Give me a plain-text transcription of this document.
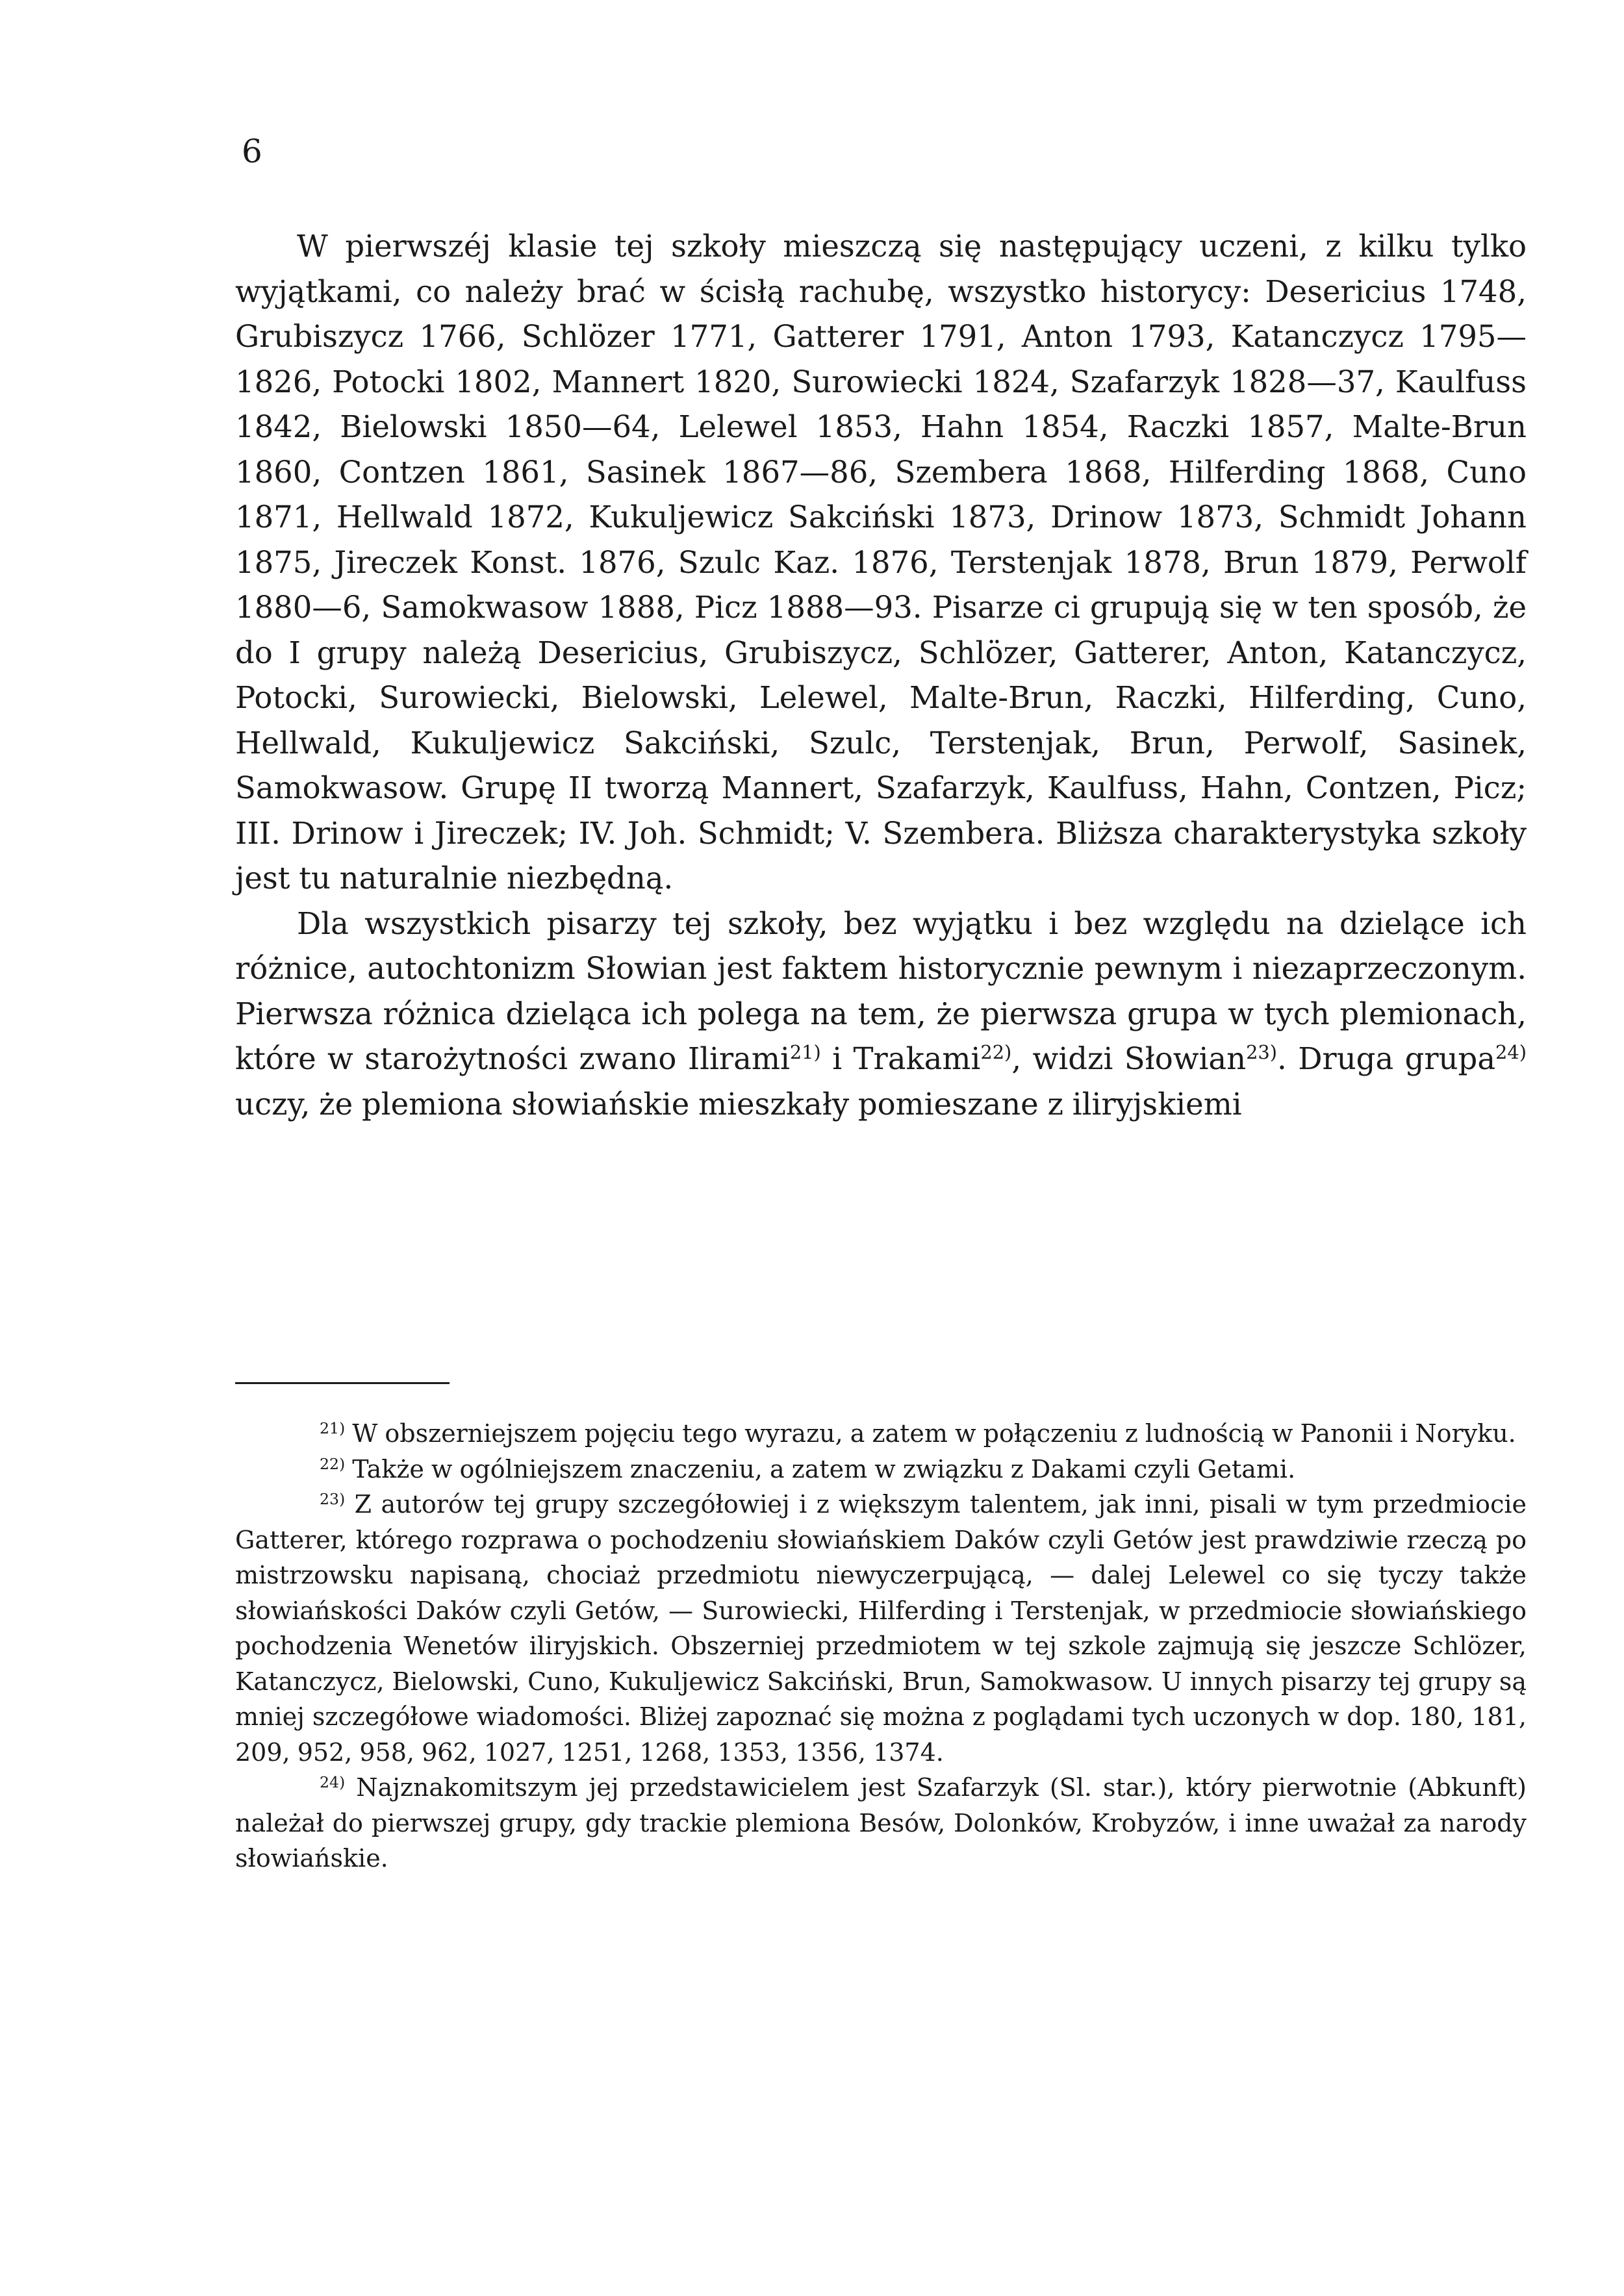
6

W pierwszéj klasie tej szkoły mieszczą się następujący uczeni, z kilku tylko wyjątkami, co należy brać w ścisłą rachubę, wszystko historycy: Desericius 1748, Grubiszycz 1766, Schlözer 1771, Gatterer 1791, Anton 1793, Katanczycz 1795—1826, Potocki 1802, Mannert 1820, Surowiecki 1824, Szafarzyk 1828—37, Kaulfuss 1842, Bielowski 1850—64, Lelewel 1853, Hahn 1854, Raczki 1857, Malte-Brun 1860, Contzen 1861, Sasinek 1867—86, Szembera 1868, Hilferding 1868, Cuno 1871, Hellwald 1872, Kukuljewicz Sakciński 1873, Drinow 1873, Schmidt Johann 1875, Jireczek Konst. 1876, Szulc Kaz. 1876, Terstenjak 1878, Brun 1879, Perwolf 1880—6, Samokwasow 1888, Picz 1888—93. Pisarze ci grupują się w ten sposób, że do I grupy należą Desericius, Grubiszycz, Schlözer, Gatterer, Anton, Katanczycz, Potocki, Surowiecki, Bielowski, Lelewel, Malte-Brun, Raczki, Hilferding, Cuno, Hellwald, Kukuljewicz Sakciński, Szulc, Terstenjak, Brun, Perwolf, Sasinek, Samokwasow. Grupę II tworzą Mannert, Szafarzyk, Kaulfuss, Hahn, Contzen, Picz; III. Drinow i Jireczek; IV. Joh. Schmidt; V. Szembera. Bliższa charakterystyka szkoły jest tu naturalnie niezbędną.

Dla wszystkich pisarzy tej szkoły, bez wyjątku i bez względu na dzielące ich różnice, autochtonizm Słowian jest faktem historycznie pewnym i niezaprzeczonym. Pierwsza różnica dzieląca ich polega na tem, że pierwsza grupa w tych plemionach, które w starożytności zwano Ilirami$^{21)}$ i Trakami$^{22)}$, widzi Słowian$^{23)}$. Druga grupa$^{24)}$ uczy, że plemiona słowiańskie mieszkały pomieszane z iliryjskiemi

$^{21)}$ W obszerniejszem pojęciu tego wyrazu, a zatem w połączeniu z ludnością w Panonii i Noryku.

$^{22)}$ Także w ogólniejszem znaczeniu, a zatem w związku z Dakami czyli Getami.

$^{23)}$ Z autorów tej grupy szczegółowiej i z większym talentem, jak inni, pisali w tym przedmiocie Gatterer, którego rozprawa o pochodzeniu słowiańskiem Daków czyli Getów jest prawdziwie rzeczą po mistrzowsku napisaną, chociaż przedmiotu niewyczerpującą, — dalej Lelewel co się tyczy także słowiańskości Daków czyli Getów, — Surowiecki, Hilferding i Terstenjak, w przedmiocie słowiańskiego pochodzenia Wenetów iliryjskich. Obszerniej przedmiotem w tej szkole zajmują się jeszcze Schlözer, Katanczycz, Bielowski, Cuno, Kukuljewicz Sakciński, Brun, Samokwasow. U innych pisarzy tej grupy są mniej szczegółowe wiadomości. Bliżej zapoznać się można z poglądami tych uczonych w dop. 180, 181, 209, 952, 958, 962, 1027, 1251, 1268, 1353, 1356, 1374.

$^{24)}$ Najznakomitszym jej przedstawicielem jest Szafarzyk (Sl. star.), który pierwotnie (Abkunft) należał do pierwszej grupy, gdy trackie plemiona Besów, Dolonków, Krobyzów, i inne uważał za narody słowiańskie.
